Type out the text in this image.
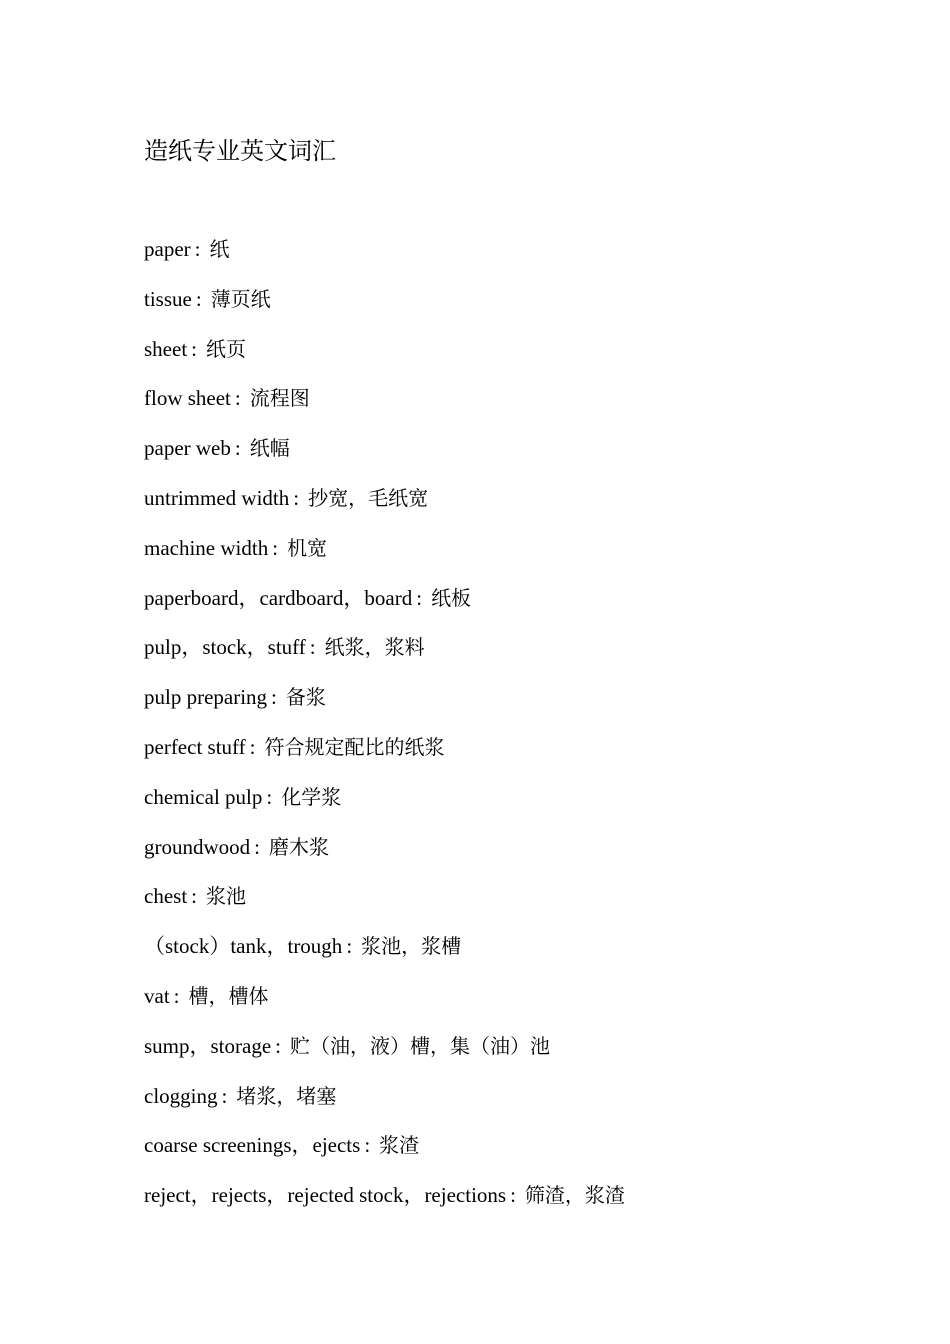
造纸专业英文词汇
paper : 纸
tissue : 薄页纸
sheet : 纸页
flow sheet : 流程图
paper web : 纸幅
untrimmed width : 抄宽，毛纸宽
machine width : 机宽
paperboard，cardboard，board : 纸板
pulp，stock，stuff : 纸浆，浆料
pulp preparing : 备浆
perfect stuff : 符合规定配比的纸浆
chemical pulp : 化学浆
groundwood : 磨木浆
chest : 浆池
（stock）tank，trough : 浆池，浆槽
vat : 槽，槽体
sump，storage : 贮（油，液）槽，集（油）池
clogging : 堵浆，堵塞
coarse screenings，ejects : 浆渣
reject，rejects，rejected stock，rejections : 筛渣，浆渣
